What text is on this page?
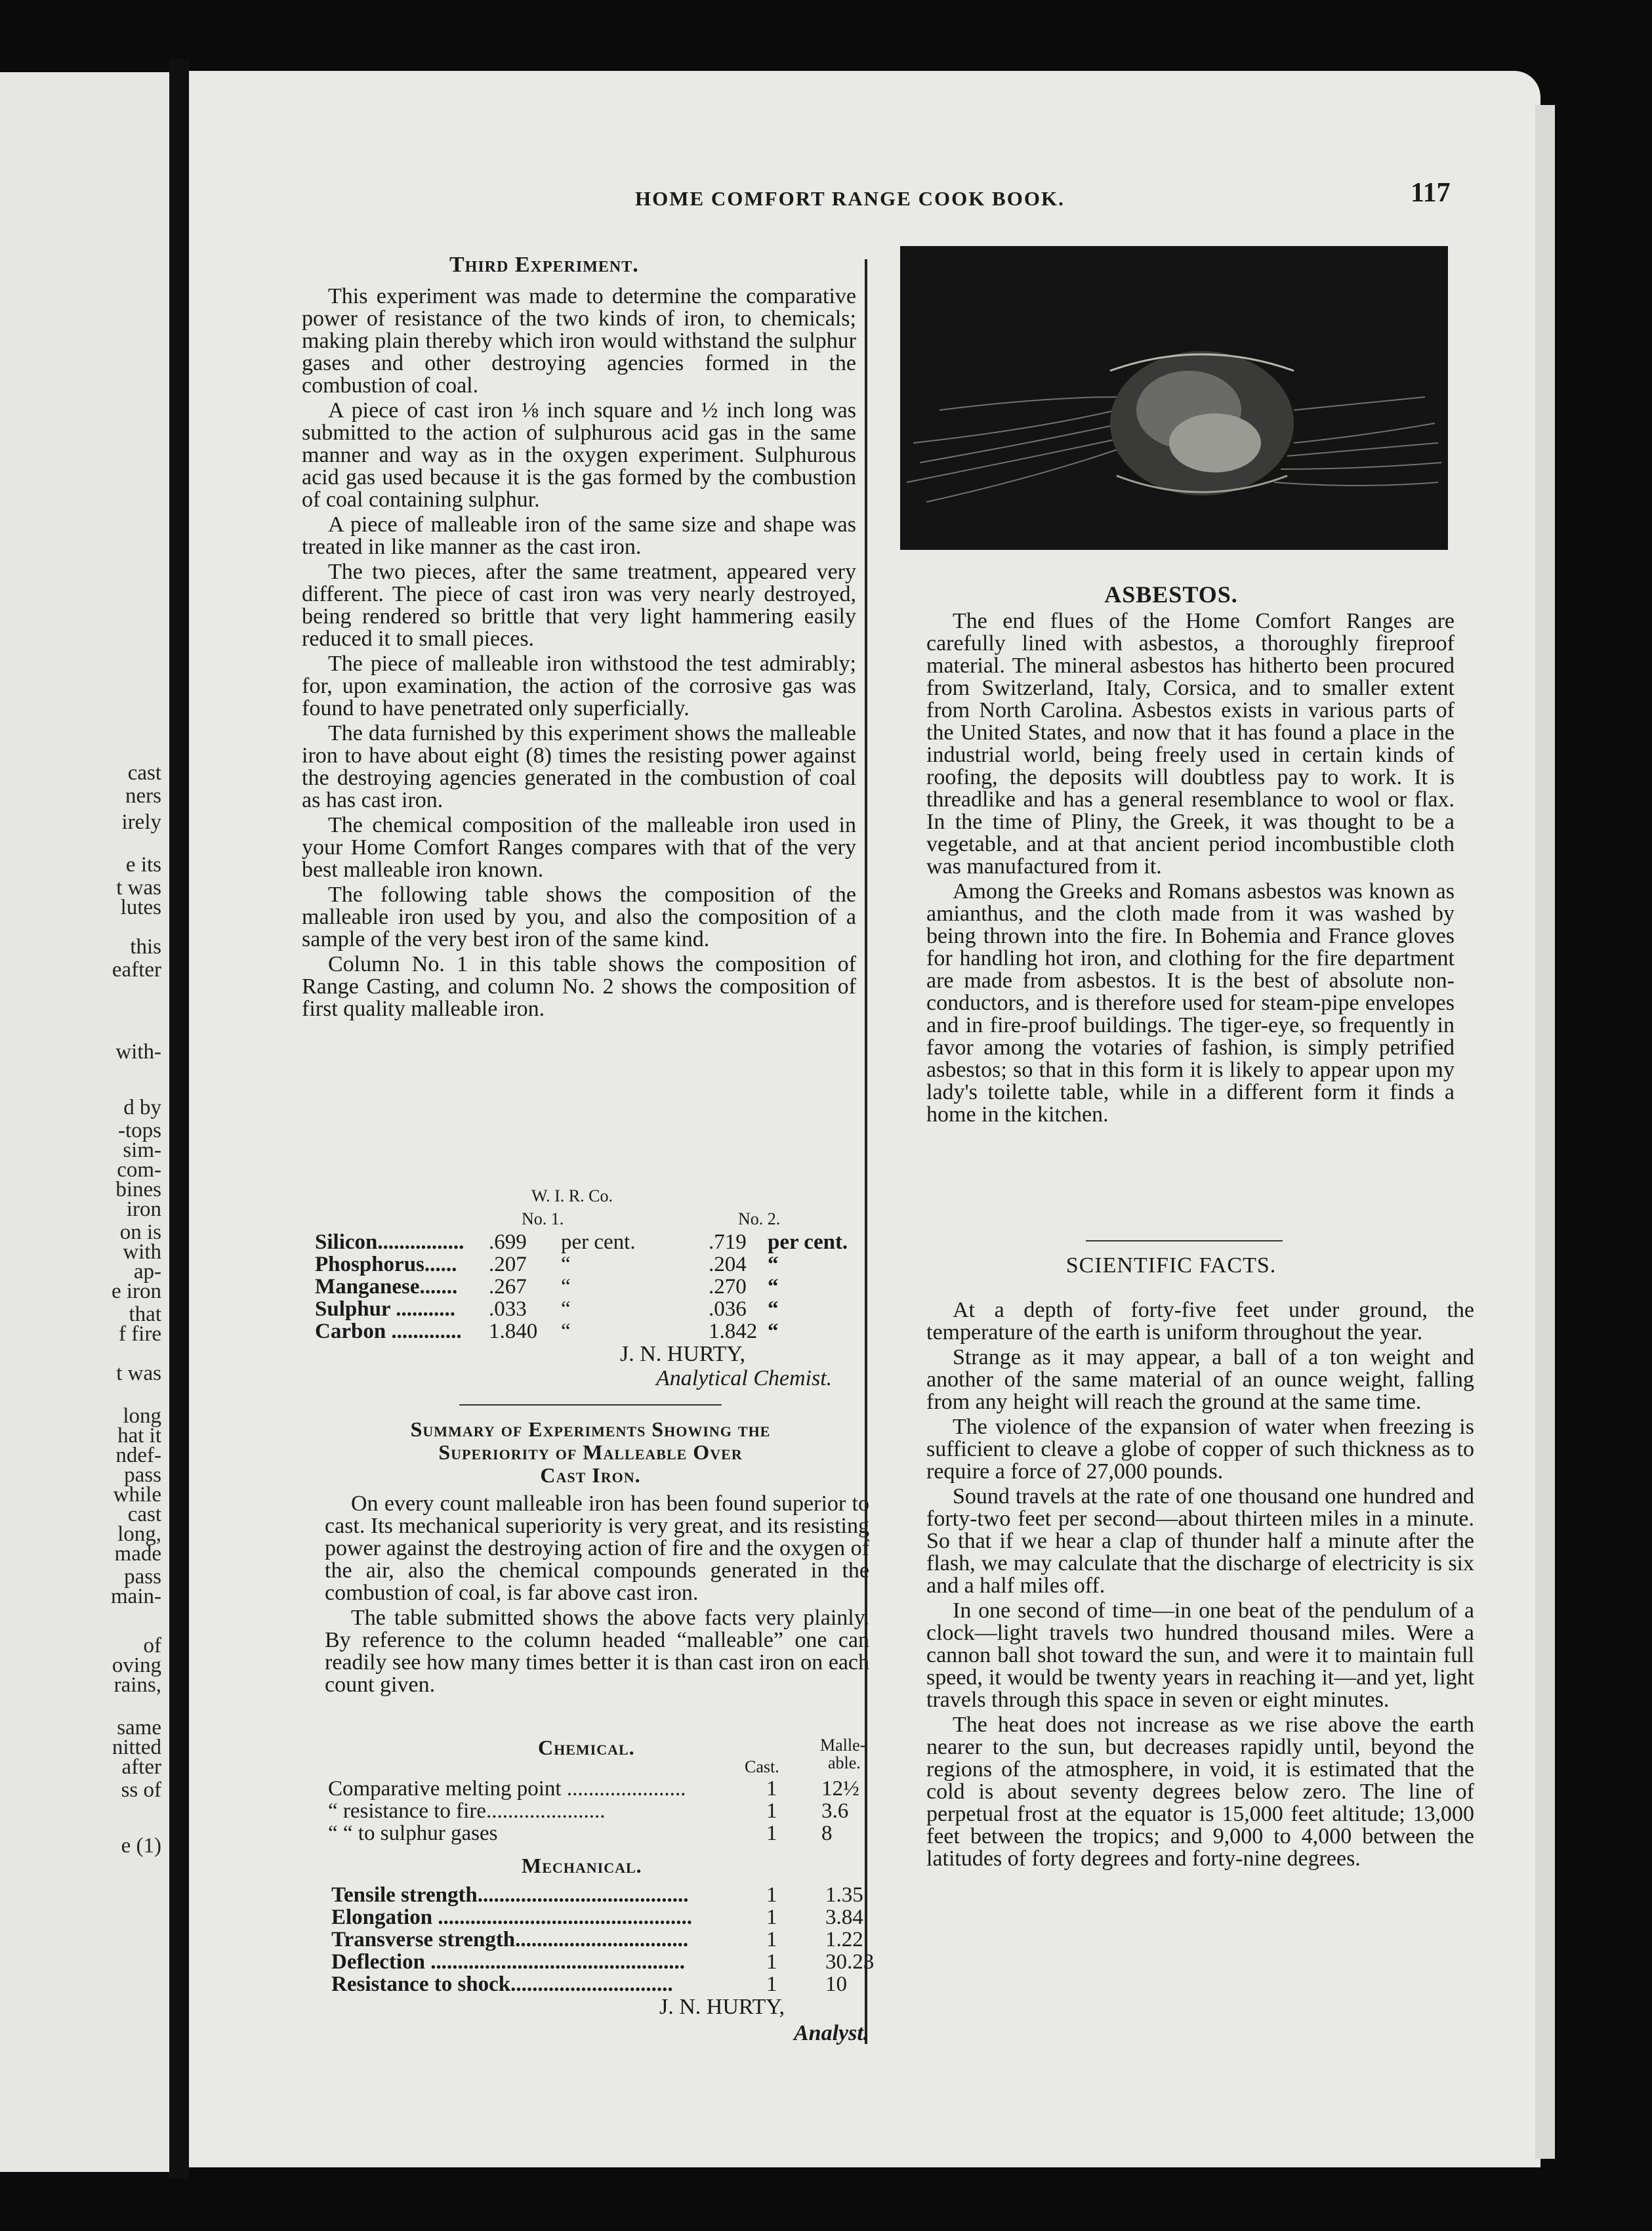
cast
ners
irely
e its
t was
lutes
this
eafter
with-
d by
-tops
sim-
com-
bines
iron
on is
with
ap-
e iron
that
f fire
t was
long
hat it
ndef-
pass
while
cast
long,
made
pass
main-
of
oving
rains,
same
nitted
after
ss of
e (1)
HOME COMFORT RANGE COOK BOOK.	117
Third Experiment.

This experiment was made to determine the comparative power of resistance of the two kinds of iron, to chemicals; making plain thereby which iron would withstand the sulphur gases and other destroying agencies formed in the combustion of coal.

A piece of cast iron ⅛ inch square and ½ inch long was submitted to the action of sulphurous acid gas in the same manner and way as in the oxygen experiment. Sulphurous acid gas used because it is the gas formed by the combustion of coal containing sulphur.

A piece of malleable iron of the same size and shape was treated in like manner as the cast iron.

The two pieces, after the same treatment, appeared very different. The piece of cast iron was very nearly destroyed, being rendered so brittle that very light hammering easily reduced it to small pieces.

The piece of malleable iron withstood the test admirably; for, upon examination, the action of the corrosive gas was found to have penetrated only superficially.

The data furnished by this experiment shows the malleable iron to have about eight (8) times the resisting power against the destroying agencies generated in the combustion of coal as has cast iron.

The chemical composition of the malleable iron used in your Home Comfort Ranges compares with that of the very best malleable iron known.

The following table shows the composition of the malleable iron used by you, and also the composition of a sample of the very best iron of the same kind.

Column No. 1 in this table shows the composition of Range Casting, and column No. 2 shows the composition of first quality malleable iron.

W. I. R. Co.
No. 1.	No. 2.
Silicon................ .699 per cent.	.719 per cent.
Phosphorus...... .207 “	.204 “
Manganese....... .267 “	.270 “
Sulphur ........... .033 “	.036 “
Carbon ............. 1.840 “	1.842 “
J. N. HURTY,
Analytical Chemist.
Summary of Experiments Showing the
Superiority of Malleable Over
Cast Iron.

On every count malleable iron has been found superior to cast. Its mechanical superiority is very great, and its resisting power against the destroying action of fire and the oxygen of the air, also the chemical compounds generated in the combustion of coal, is far above cast iron.

The table submitted shows the above facts very plainly. By reference to the column headed “malleable” one can readily see how many times better it is than cast iron on each count given.

Chemical.
Cast.
Malle-
able.
Comparative melting point ......................	1 12½
“ resistance to fire......................	1 3.6
“ “ to sulphur gases	1 8
Mechanical.
Tensile strength.......................................	1 1.35
Elongation ...............................................	1 3.84
Transverse strength................................	1 1.22
Deflection ...............................................	1 30.23
Resistance to shock..............................	1 10
J. N. HURTY,
Analyst.
ASBESTOS.

The end flues of the Home Comfort Ranges are carefully lined with asbestos, a thoroughly fireproof material. The mineral asbestos has hitherto been procured from Switzerland, Italy, Corsica, and to smaller extent from North Carolina. Asbestos exists in various parts of the United States, and now that it has found a place in the industrial world, being freely used in certain kinds of roofing, the deposits will doubtless pay to work. It is threadlike and has a general resemblance to wool or flax. In the time of Pliny, the Greek, it was thought to be a vegetable, and at that ancient period incombustible cloth was manufactured from it.

Among the Greeks and Romans asbestos was known as amianthus, and the cloth made from it was washed by being thrown into the fire. In Bohemia and France gloves for handling hot iron, and clothing for the fire department are made from asbestos. It is the best of absolute non-conductors, and is therefore used for steam-pipe envelopes and in fire-proof buildings. The tiger-eye, so frequently in favor among the votaries of fashion, is simply petrified asbestos; so that in this form it is likely to appear upon my lady's toilette table, while in a different form it finds a home in the kitchen.

SCIENTIFIC FACTS.

At a depth of forty-five feet under ground, the temperature of the earth is uniform throughout the year.

Strange as it may appear, a ball of a ton weight and another of the same material of an ounce weight, falling from any height will reach the ground at the same time.

The violence of the expansion of water when freezing is sufficient to cleave a globe of copper of such thickness as to require a force of 27,000 pounds.

Sound travels at the rate of one thousand one hundred and forty-two feet per second—about thirteen miles in a minute. So that if we hear a clap of thunder half a minute after the flash, we may calculate that the discharge of electricity is six and a half miles off.

In one second of time—in one beat of the pendulum of a clock—light travels two hundred thousand miles. Were a cannon ball shot toward the sun, and were it to maintain full speed, it would be twenty years in reaching it—and yet, light travels through this space in seven or eight minutes.

The heat does not increase as we rise above the earth nearer to the sun, but decreases rapidly until, beyond the regions of the atmosphere, in void, it is estimated that the cold is about seventy degrees below zero. The line of perpetual frost at the equator is 15,000 feet altitude; 13,000 feet between the tropics; and 9,000 to 4,000 between the latitudes of forty degrees and forty-nine degrees.
